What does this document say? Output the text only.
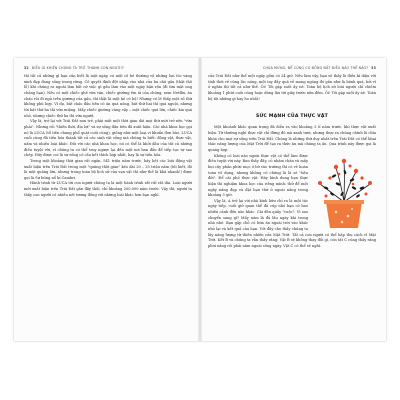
32 ĐIỀU GÌ KHIẾN CHÚNG TA TRỞ THÀNH CON NGƯỜI?

thì tất cả những gì bạn cần biết là một ngày, có một cô bé thường vô những lọn tóc vàng xinh đẹp đang sống trong rừng. Cô quyết định đột nhập vào nhà của ba chú gấu (thật thô lỗ) khi chúng ra ngoài làm bất cứ việc gì gấu làm vào một ngày bận rộn (đi tìm mật ong chẳng hạn). Nếu có một chiếc ghế vừa vặn, chiếc giường êm ái của chúng, xem Netflix, ăn cháo rồi đi ngủ trên giường của gấu, thì thật là một kẻ có hộ! Nhưng có lẽ thấy một số thứ không phù hợp. Ví dụ, bát cháo đầu tiên có ăn quá nóng, bát thứ hai thì quá nguội, nhưng tới bát thứ ba thì vừa miệng. Mấy chiếc giường cũng vậy – một chiếc quá lớn, chiếc kia quá nhỏ, nhưng chiếc thứ ba thì vừa người.

Vậy là, trở lại với Trái Đất non trẻ, phải mất một thời gian dài mọi thứ mới trở nên "vừa phải". Nhưng rồi "thiên thời, địa lợi" và sự sống đầu tiên đã xuất hiện. Các nhà khoa học gọi nó là LUCA (tổ tiên chung phổ quát cuối cùng), giống như một loại vi khuẩn đơn bào. LUCA cuối cùng đã tiến hóa thành tất cả các sinh vật sống mà chúng ta biết: động vật, thực vật, nấm và nhiều loài khác. Đối với các nhà khoa học, nó có thể là khởi đầu của tất cả những điều tuyệt vời, vì chúng ta có thể truy ngược lại đến một nơi ban đầu để tiếp tục tự sao chép. Đây được coi là sự sống có cấu kết thích hợp nhất, hay là sự tiến hóa.

Trong một khoảng thời gian rất ngắn, 541 triệu năm trước, hãy hết các loài động vật xuất hiện trên Trái Đất trong một "quãng thời gian" kéo dài 20 – 25 triệu năm (tôi biết, đó là một quãng lớn, nhưng trong toàn bộ lịch sử của vạn vật thì như thế là khá nhanh!) được gọi là Sự bùng nổ kỉ Cambri.

Hành trình từ LUCA tới con người chúng ta là một hành trình rất rất rất dài. Loài người mới xuất hiện trên Trái Đất gần đây thôi, chỉ khoảng 200.000 năm trước. Vậy thì, người ta thấy con người có nhiều nét tương đồng với những loài khác hơn bạn nghĩ.

CHÙA MƯNG, ĐỂ CŨNG CÓ ĐỒNG ĐẤT ĐIỀU NÀO THẾ NÀO? 33

của Trái Đất như thể một ngày gồm có 24 giờ. Nếu làm vậy, bạn sẽ thấy là điều kì diệu với tính thời về cùng lúc nóng, một tay đầy quá về mong ngóng đó gần như là bánh quá, bởi vì ở nghĩa thì tất cả như thế. Ôi! Tôi gặp suốt ấy nè. Toàn bộ lịch sử loài người chỉ chiếm khoảng 1 phút cuối cùng hoặc dùng lâu tới giây trước nữa đêm. Ôi! Tôi gặp suốt ấy nè. Toàn bộ tôi những gì hay ho nhất!

SỨC MẠNH CỦA THỰC VẬT

Một khoảnh khắc quan trọng đã diễn ra vào khoảng 3 tỉ năm trước, khi thực vật xuất hiện. Từ thường nghĩ thực vật chỉ đứng đó mà xanh tươi, nhưng thực ra chúng chính là chìa khóa cho mọi sự sống trên Trái Đất. Chúng là những thứ duy nhất trên Trái Đất có thể khai thác năng lượng của Mặt Trời để tạo ra thức ăn mà chúng ta ăn. Qua trình này được gọi là quang hợp.

Không có loài nào ngoài thực vật có thể làm được điều tuyệt vời này. Ban thấy đấy, cỏ nhám chăn và mấy bụi cây phần phức mọc ở bờ vào trường thì có vẻ hoàn toàn vô dụng, nhưng không có chúng là là sẽ "tiêu đời". Để cái phố thực vật. Hãy hình dung bạn thực hiện thí nghiệm khoa học của riêng mình: thử để một ngây nắng đẹp và đặt bạn thử ở ngoài nắng trong khoảng 5 giờ.

Vậy là, A trở lại với nhà kính hữu chỉ ra là một tác ngày tiếp, cuối giờ quan thể đã cúp nhỏ bạn có bao nhiêu cảnh đến nào khác. Cái đèn quấy "cuộc". Vì sao chuyển sang gì? Mấy năm là đủ lâu ngày khi trong nhà nhé. Bạn gặp chỗ có bữa ăn ngoài trời vào khác nhỏ lại và kết quả của bạn. Với đây cho thấy chúng ta lấy năng lượng từ thiên nhiên của Mặt Trời. Tất cả con người có thể hấp thụ cách vì Mặt Trời. Kết B và chúng ta vẫn thấy rằng: Vật B sẽ không thay đổi gì, còn tất C cũng thấy rằng phơi nắng rồi phải năm ngoài sống ngày. Vật C có thể sẽ nghĩ.
